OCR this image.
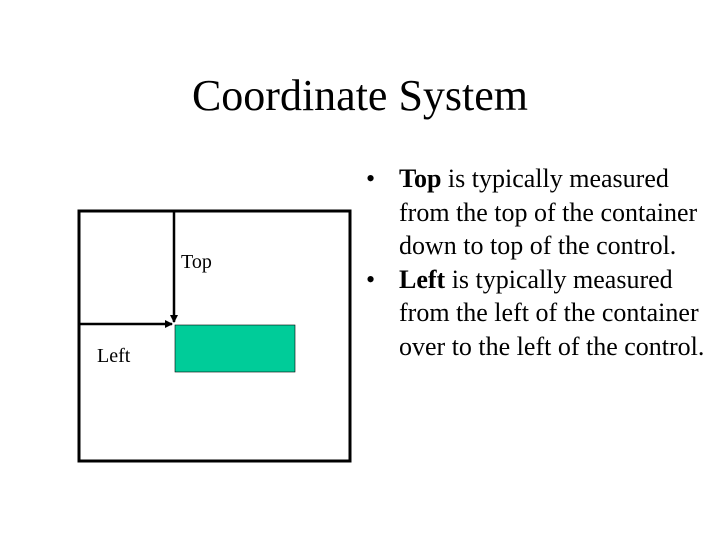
Coordinate System
Top
Left
• Top is typically measured from the top of the container down to top of the control.
• Left is typically measured from the left of the container over to the left of the control.
